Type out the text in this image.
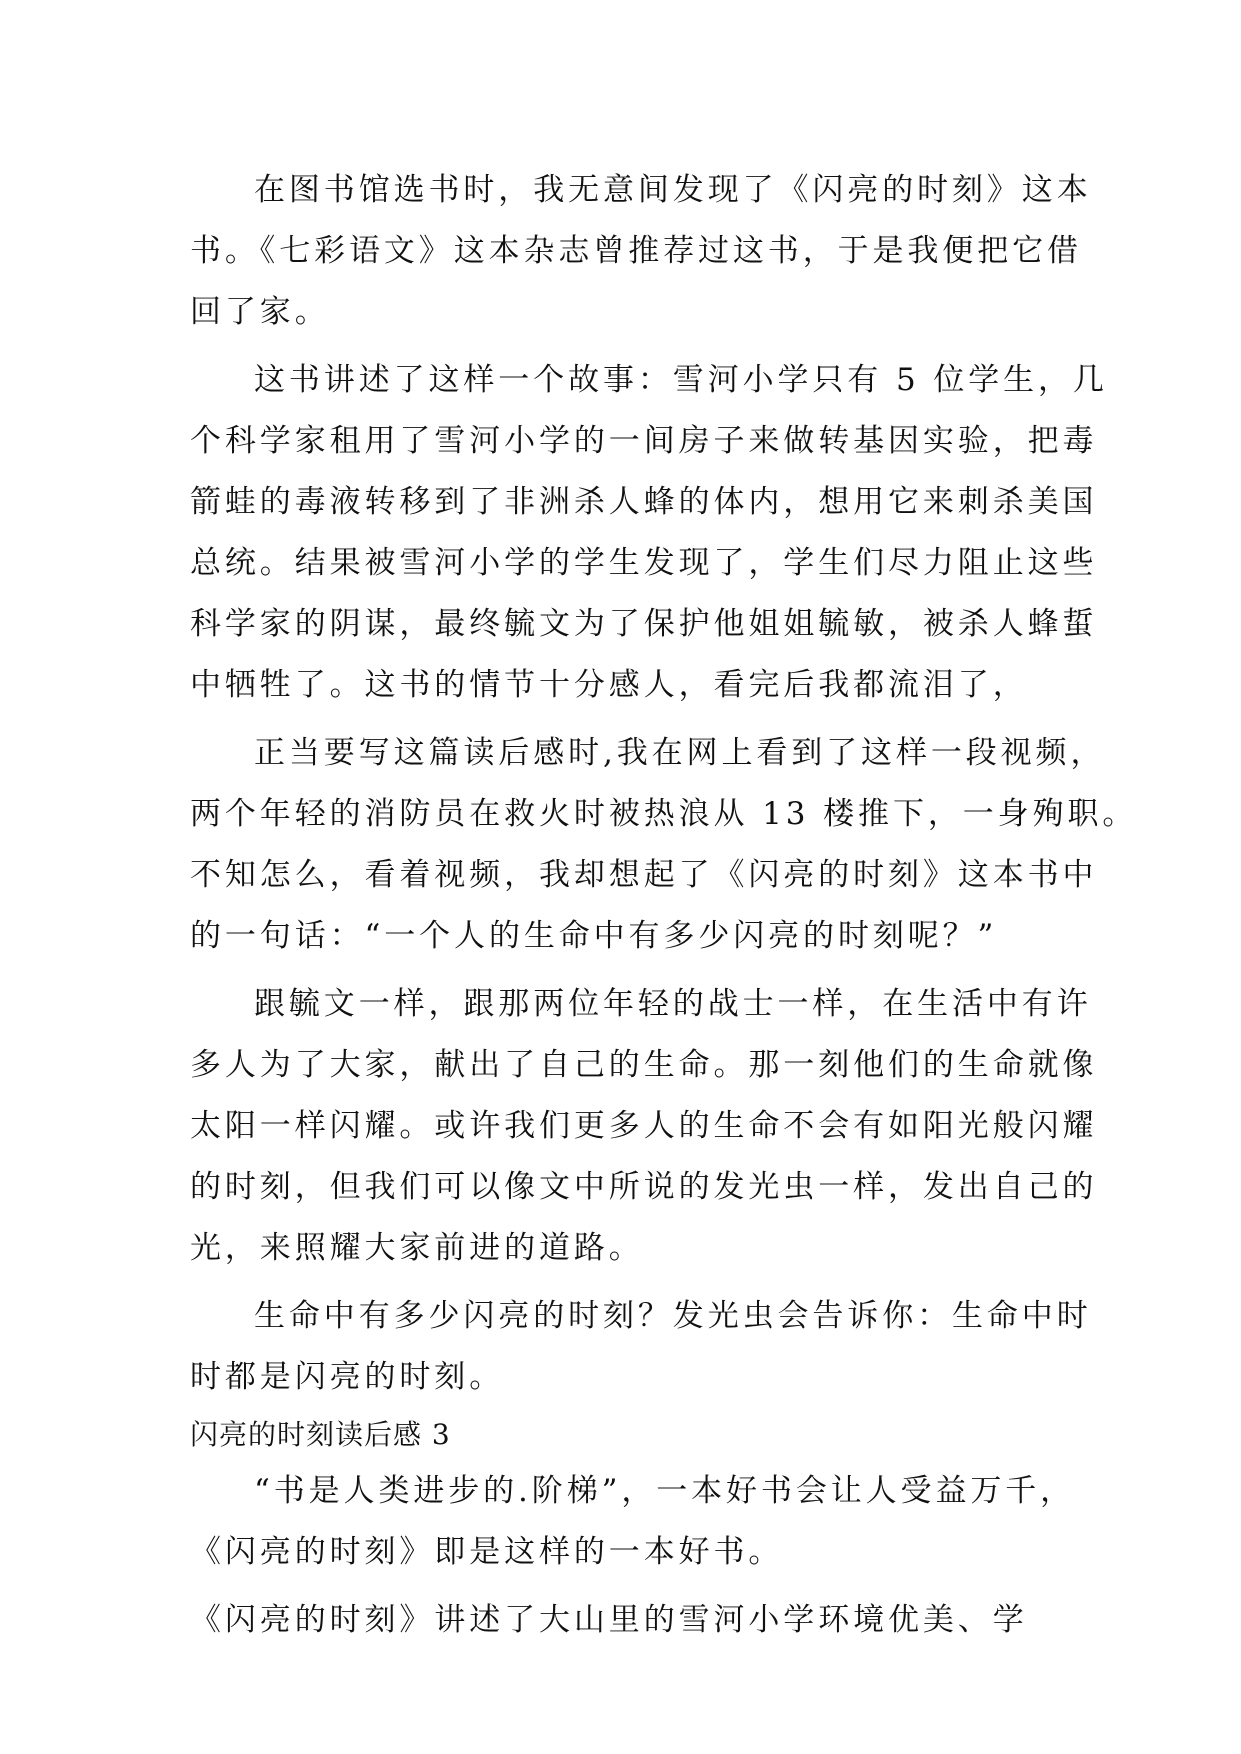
在图书馆选书时，我无意间发现了《闪亮的时刻》这本
书。《七彩语文》这本杂志曾推荐过这书，于是我便把它借
回了家。
这书讲述了这样一个故事：雪河小学只有 5 位学生，几
个科学家租用了雪河小学的一间房子来做转基因实验，把毒
箭蛙的毒液转移到了非洲杀人蜂的体内，想用它来刺杀美国
总统。结果被雪河小学的学生发现了，学生们尽力阻止这些
科学家的阴谋，最终毓文为了保护他姐姐毓敏，被杀人蜂蜇
中牺牲了。这书的情节十分感人，看完后我都流泪了，
正当要写这篇读后感时,我在网上看到了这样一段视频，
两个年轻的消防员在救火时被热浪从 13 楼推下，一身殉职。
不知怎么，看着视频，我却想起了《闪亮的时刻》这本书中
的一句话：“一个人的生命中有多少闪亮的时刻呢？”
跟毓文一样，跟那两位年轻的战士一样，在生活中有许
多人为了大家，献出了自己的生命。那一刻他们的生命就像
太阳一样闪耀。或许我们更多人的生命不会有如阳光般闪耀
的时刻，但我们可以像文中所说的发光虫一样，发出自己的
光，来照耀大家前进的道路。
生命中有多少闪亮的时刻？发光虫会告诉你：生命中时
时都是闪亮的时刻。
闪亮的时刻读后感 3
“书是人类进步的.阶梯”，一本好书会让人受益万千，
《闪亮的时刻》即是这样的一本好书。
《闪亮的时刻》讲述了大山里的雪河小学环境优美、学
